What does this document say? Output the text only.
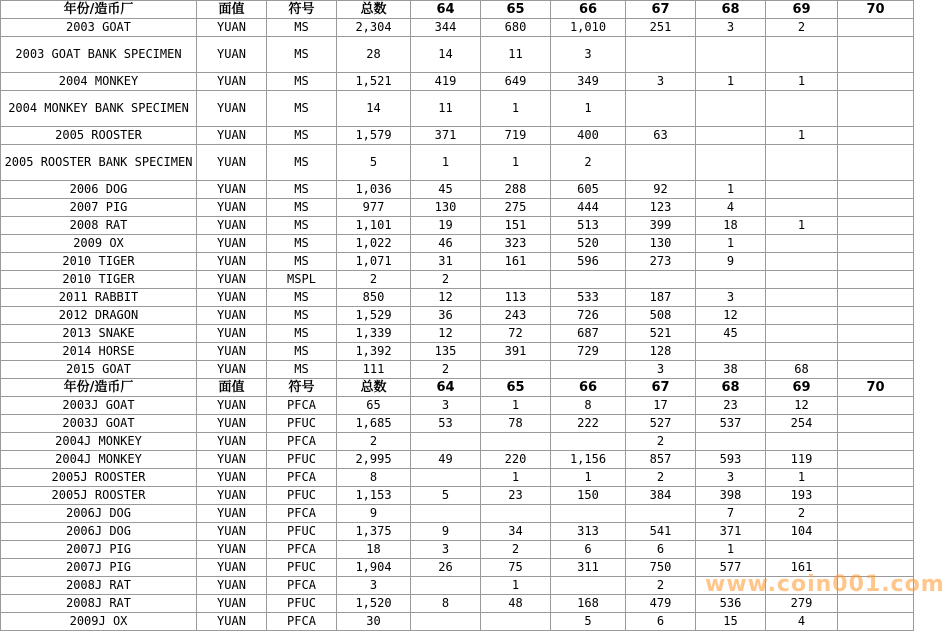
年份/造币厂	面值	符号	总数	64	65	66	67	68	69	70
2003 GOAT	YUAN	MS	2,304	344	680	1,010	251	3	2	
2003 GOAT BANK SPECIMEN	YUAN	MS	28	14	11	3				
2004 MONKEY	YUAN	MS	1,521	419	649	349	3	1	1	
2004 MONKEY BANK SPECIMEN	YUAN	MS	14	11	1	1				
2005 ROOSTER	YUAN	MS	1,579	371	719	400	63		1	
2005 ROOSTER BANK SPECIMEN	YUAN	MS	5	1	1	2				
2006 DOG	YUAN	MS	1,036	45	288	605	92	1		
2007 PIG	YUAN	MS	977	130	275	444	123	4		
2008 RAT	YUAN	MS	1,101	19	151	513	399	18	1	
2009 OX	YUAN	MS	1,022	46	323	520	130	1		
2010 TIGER	YUAN	MS	1,071	31	161	596	273	9		
2010 TIGER	YUAN	MSPL	2	2						
2011 RABBIT	YUAN	MS	850	12	113	533	187	3		
2012 DRAGON	YUAN	MS	1,529	36	243	726	508	12		
2013 SNAKE	YUAN	MS	1,339	12	72	687	521	45		
2014 HORSE	YUAN	MS	1,392	135	391	729	128			
2015 GOAT	YUAN	MS	111	2			3	38	68	
年份/造币厂	面值	符号	总数	64	65	66	67	68	69	70
2003J GOAT	YUAN	PFCA	65	3	1	8	17	23	12	
2003J GOAT	YUAN	PFUC	1,685	53	78	222	527	537	254	
2004J MONKEY	YUAN	PFCA	2				2			
2004J MONKEY	YUAN	PFUC	2,995	49	220	1,156	857	593	119	
2005J ROOSTER	YUAN	PFCA	8		1	1	2	3	1	
2005J ROOSTER	YUAN	PFUC	1,153	5	23	150	384	398	193	
2006J DOG	YUAN	PFCA	9					7	2	
2006J DOG	YUAN	PFUC	1,375	9	34	313	541	371	104	
2007J PIG	YUAN	PFCA	18	3	2	6	6	1		
2007J PIG	YUAN	PFUC	1,904	26	75	311	750	577	161	
2008J RAT	YUAN	PFCA	3		1		2			
2008J RAT	YUAN	PFUC	1,520	8	48	168	479	536	279	
2009J OX	YUAN	PFCA	30			5	6	15	4	
www.coin001.com
